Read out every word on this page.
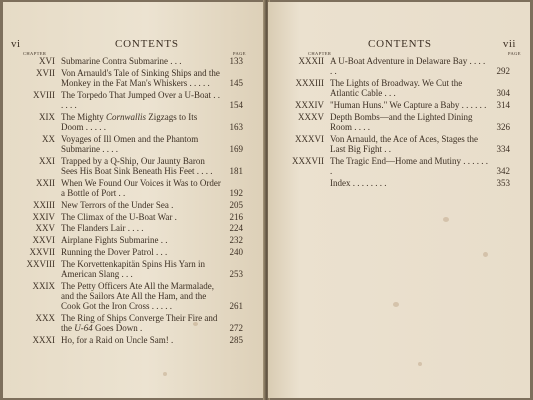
vi	CONTENTS
CHAPTER	PAGE
XVI Submarine Contra Submarine . . .	133
XVII Von Arnauld's Tale of Sinking Ships and the Monkey in the Fat Man's Whiskers . . . . .	145
XVIII The Torpedo That Jumped Over a U-Boat . . . . . .	154
XIX The Mighty Cornwallis Zigzags to Its Doom . . . . .	163
XX Voyages of Ill Omen and the Phantom Submarine . . . .	169
XXI Trapped by a Q-Ship, Our Jaunty Baron Sees His Boat Sink Beneath His Feet . . . .	181
XXII When We Found Our Voices it Was to Order a Bottle of Port . .	192
XXIII New Terrors of the Under Sea .	205
XXIV The Climax of the U-Boat War .	216
XXV The Flanders Lair . . . .	224
XXVI Airplane Fights Submarine . .	232
XXVII Running the Dover Patrol . . .	240
XXVIII The Korvettenkapitän Spins His Yarn in American Slang . . .	253
XXIX The Petty Officers Ate All the Marmalade, and the Sailors Ate All the Ham, and the Cook Got the Iron Cross . . . . .	261
XXX The Ring of Ships Converge Their Fire and the U-64 Goes Down .	272
XXXI Ho, for a Raid on Uncle Sam! .	285
CONTENTS	vii
CHAPTER	PAGE
XXXII A U-Boat Adventure in Delaware Bay . . . . . .	292
XXXIII The Lights of Broadway. We Cut the Atlantic Cable . . .	304
XXXIV "Human Huns." We Capture a Baby . . . . . .	314
XXXV Depth Bombs—and the Lighted Dining Room . . . .	326
XXXVI Von Arnauld, the Ace of Aces, Stages the Last Big Fight . .	334
XXXVII The Tragic End—Home and Mutiny . . . . . . .	342
Index . . . . . . . .	353
